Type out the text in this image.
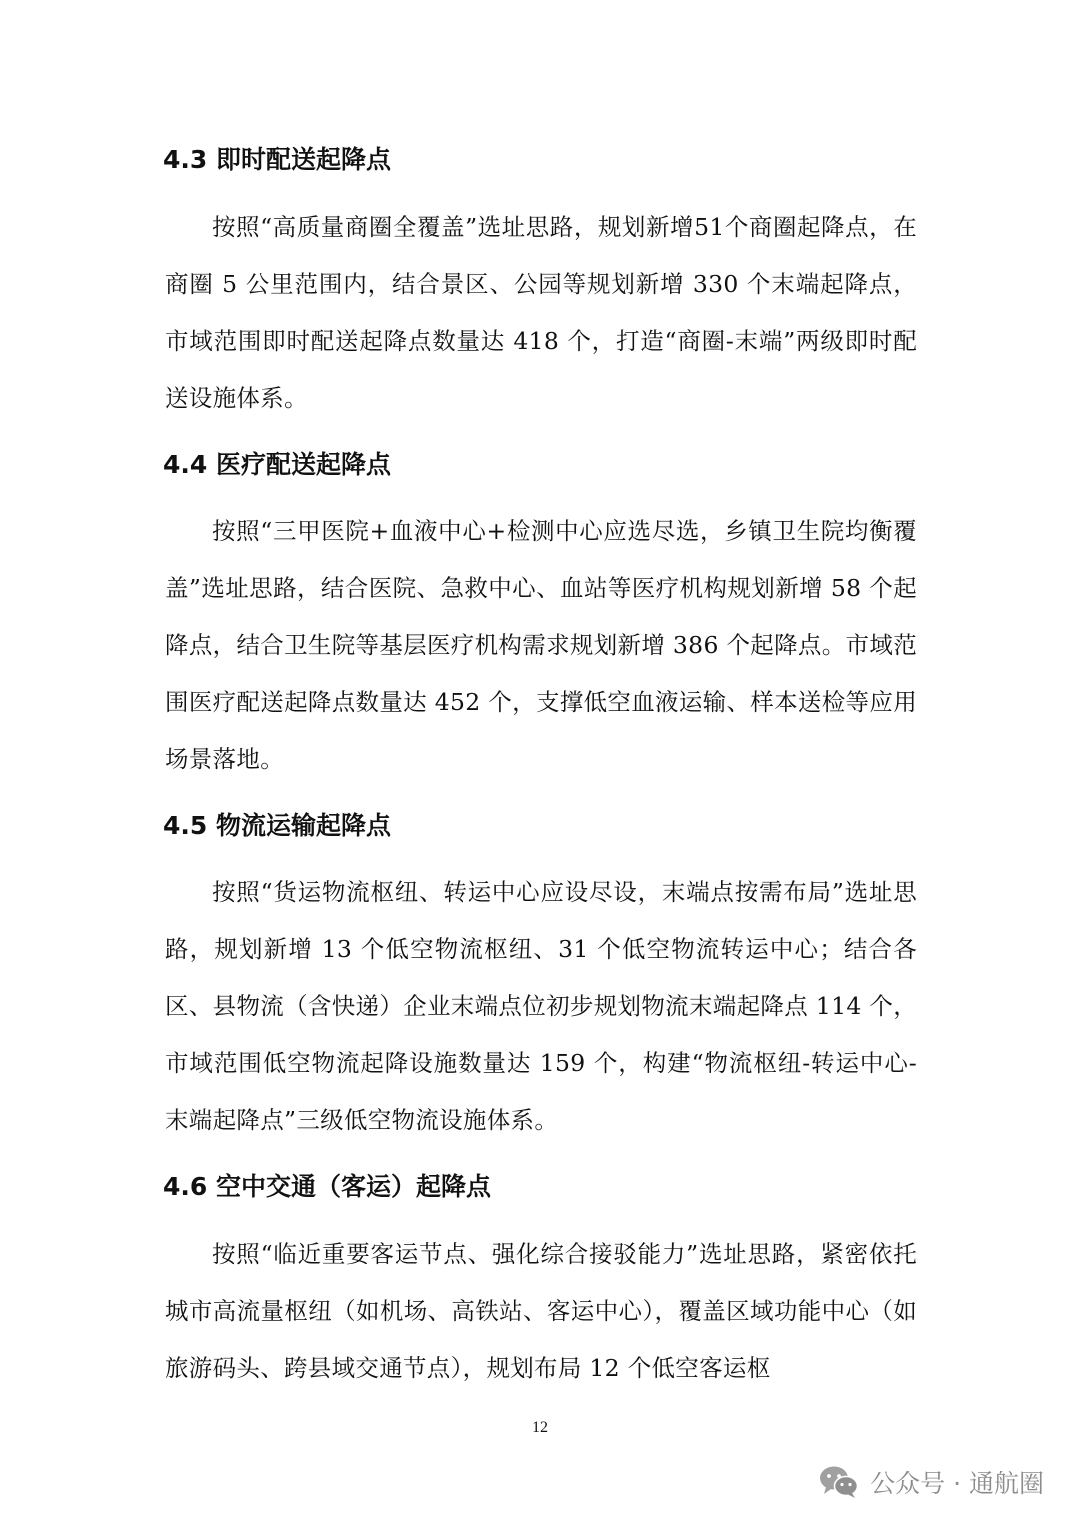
4.3 即时配送起降点
按照“高质量商圈全覆盖”选址思路，规划新增51个商圈起降点，在商圈 5 公里范围内，结合景区、公园等规划新增 330 个末端起降点，市域范围即时配送起降点数量达 418 个，打造“商圈-末端”两级即时配送设施体系。
4.4 医疗配送起降点
按照“三甲医院+血液中心+检测中心应选尽选，乡镇卫生院均衡覆盖”选址思路，结合医院、急救中心、血站等医疗机构规划新增 58 个起降点，结合卫生院等基层医疗机构需求规划新增 386 个起降点。市域范围医疗配送起降点数量达 452 个，支撑低空血液运输、样本送检等应用场景落地。
4.5 物流运输起降点
按照“货运物流枢纽、转运中心应设尽设，末端点按需布局”选址思路，规划新增 13 个低空物流枢纽、31 个低空物流转运中心；结合各区、县物流（含快递）企业末端点位初步规划物流末端起降点 114 个，市域范围低空物流起降设施数量达 159 个，构建“物流枢纽-转运中心-末端起降点”三级低空物流设施体系。
4.6 空中交通（客运）起降点
按照“临近重要客运节点、强化综合接驳能力”选址思路，紧密依托城市高流量枢纽（如机场、高铁站、客运中心），覆盖区域功能中心（如旅游码头、跨县域交通节点），规划布局 12 个低空客运枢
12
公众号 · 通航圈
